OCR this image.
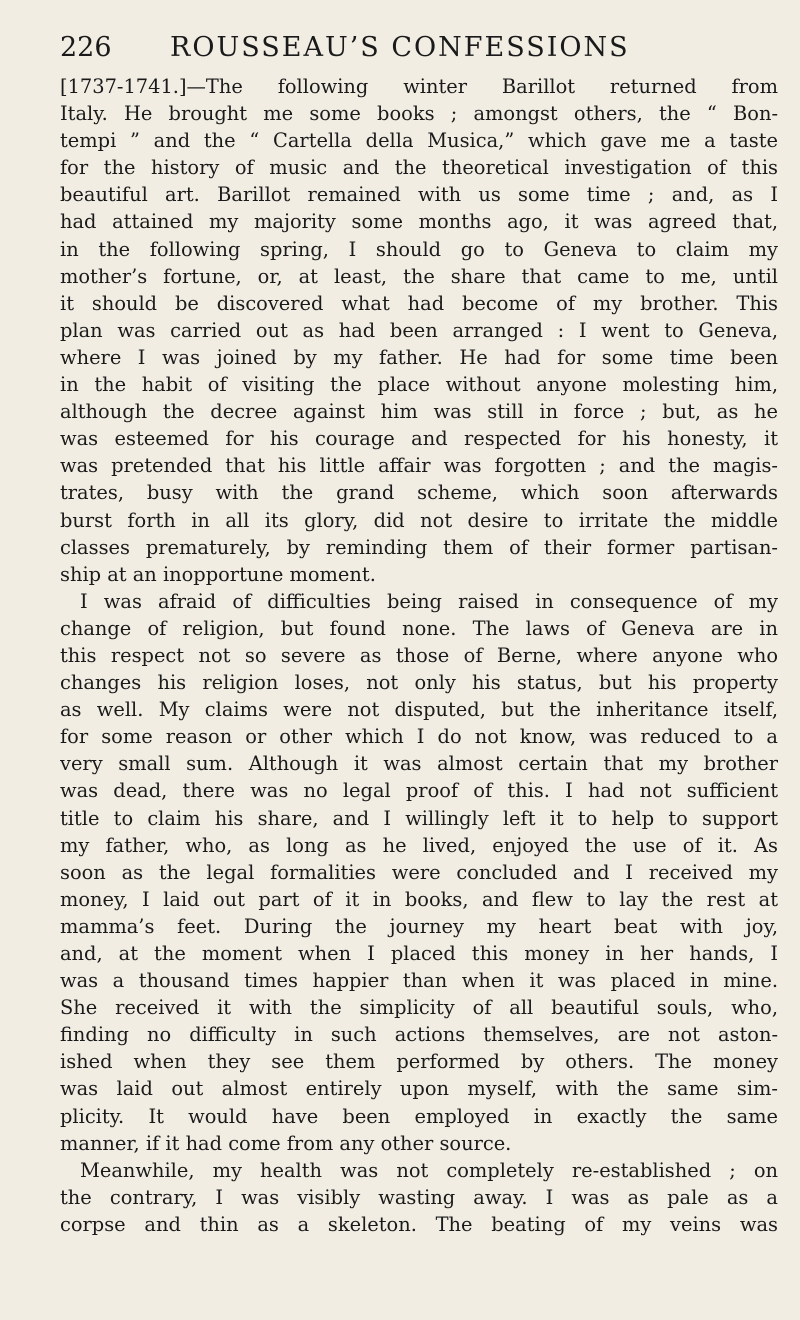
226 ROUSSEAU’S CONFESSIONS
[1737-1741.]—The following winter Barillot returned from
Italy. He brought me some books ; amongst others, the “ Bon-
tempi ” and the “ Cartella della Musica,” which gave me a taste
for the history of music and the theoretical investigation of this
beautiful art. Barillot remained with us some time ; and, as I
had attained my majority some months ago, it was agreed that,
in the following spring, I should go to Geneva to claim my
mother’s fortune, or, at least, the share that came to me, until
it should be discovered what had become of my brother. This
plan was carried out as had been arranged : I went to Geneva,
where I was joined by my father. He had for some time been
in the habit of visiting the place without anyone molesting him,
although the decree against him was still in force ; but, as he
was esteemed for his courage and respected for his honesty, it
was pretended that his little affair was forgotten ; and the magis-
trates, busy with the grand scheme, which soon afterwards
burst forth in all its glory, did not desire to irritate the middle
classes prematurely, by reminding them of their former partisan-
ship at an inopportune moment.
I was afraid of difficulties being raised in consequence of my
change of religion, but found none. The laws of Geneva are in
this respect not so severe as those of Berne, where anyone who
changes his religion loses, not only his status, but his property
as well. My claims were not disputed, but the inheritance itself,
for some reason or other which I do not know, was reduced to a
very small sum. Although it was almost certain that my brother
was dead, there was no legal proof of this. I had not sufficient
title to claim his share, and I willingly left it to help to support
my father, who, as long as he lived, enjoyed the use of it. As
soon as the legal formalities were concluded and I received my
money, I laid out part of it in books, and flew to lay the rest at
mamma’s feet. During the journey my heart beat with joy,
and, at the moment when I placed this money in her hands, I
was a thousand times happier than when it was placed in mine.
She received it with the simplicity of all beautiful souls, who,
finding no difficulty in such actions themselves, are not aston-
ished when they see them performed by others. The money
was laid out almost entirely upon myself, with the same sim-
plicity. It would have been employed in exactly the same
manner, if it had come from any other source.
Meanwhile, my health was not completely re-established ; on
the contrary, I was visibly wasting away. I was as pale as a
corpse and thin as a skeleton. The beating of my veins was
